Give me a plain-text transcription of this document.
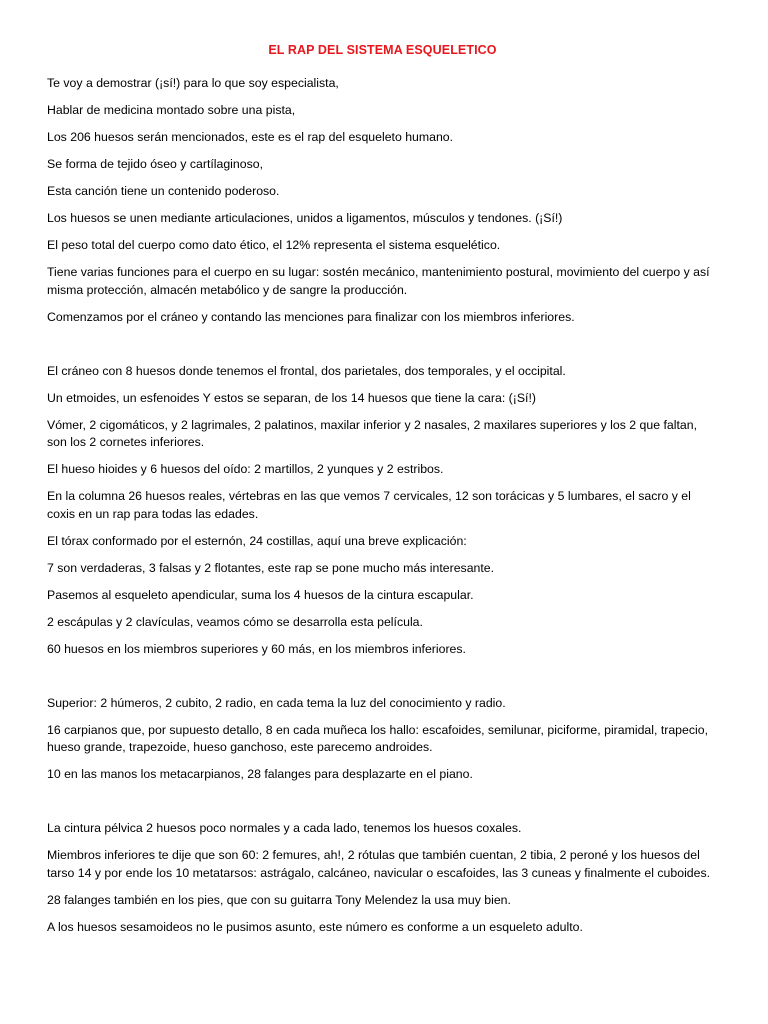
EL RAP DEL SISTEMA ESQUELETICO

Te voy a demostrar (¡sí!) para lo que soy especialista,

Hablar de medicina montado sobre una pista,

Los 206 huesos serán mencionados, este es el rap del esqueleto humano.

Se forma de tejido óseo y cartílaginoso,

Esta canción tiene un contenido poderoso.

Los huesos se unen mediante articulaciones, unidos a ligamentos, músculos y tendones. (¡Sí!)

El peso total del cuerpo como dato ético, el 12% representa el sistema esquelético.

Tiene varias funciones para el cuerpo en su lugar: sostén mecánico, mantenimiento postural, movimiento del cuerpo y así misma protección, almacén metabólico y de sangre la producción.

Comenzamos por el cráneo y contando las menciones para finalizar con los miembros inferiores.

El cráneo con 8 huesos donde tenemos el frontal, dos parietales, dos temporales, y el occipital.

Un etmoides, un esfenoides Y estos se separan, de los 14 huesos que tiene la cara: (¡Sí!)

Vómer, 2 cigomáticos, y 2 lagrimales, 2 palatinos, maxilar inferior y 2 nasales, 2 maxilares superiores y los 2 que faltan, son los 2 cornetes inferiores.

El hueso hioides y 6 huesos del oído: 2 martillos, 2 yunques y 2 estribos.

En la columna 26 huesos reales, vértebras en las que vemos 7 cervicales, 12 son torácicas y 5 lumbares, el sacro y el coxis en un rap para todas las edades.

El tórax conformado por el esternón, 24 costillas, aquí una breve explicación:

7 son verdaderas, 3 falsas y 2 flotantes, este rap se pone mucho más interesante.

Pasemos al esqueleto apendicular, suma los 4 huesos de la cintura escapular.

2 escápulas y 2 clavículas, veamos cómo se desarrolla esta película.

60 huesos en los miembros superiores y 60 más, en los miembros inferiores.

Superior: 2 húmeros, 2 cubito, 2 radio, en cada tema la luz del conocimiento y radio.

16 carpianos que, por supuesto detallo, 8 en cada muñeca los hallo: escafoides, semilunar, piciforme, piramidal, trapecio, hueso grande, trapezoide, hueso ganchoso, este parecemo androides.

10 en las manos los metacarpianos, 28 falanges para desplazarte en el piano.

La cintura pélvica 2 huesos poco normales y a cada lado, tenemos los huesos coxales.

Miembros inferiores te dije que son 60: 2 femures, ah!, 2 rótulas que también cuentan, 2 tibia, 2 peroné y los huesos del tarso 14 y por ende los 10 metatarsos: astrágalo, calcáneo, navicular o escafoides, las 3 cuneas y finalmente el cuboides.

28 falanges también en los pies, que con su guitarra Tony Melendez la usa muy bien.

A los huesos sesamoideos no le pusimos asunto, este número es conforme a un esqueleto adulto.
